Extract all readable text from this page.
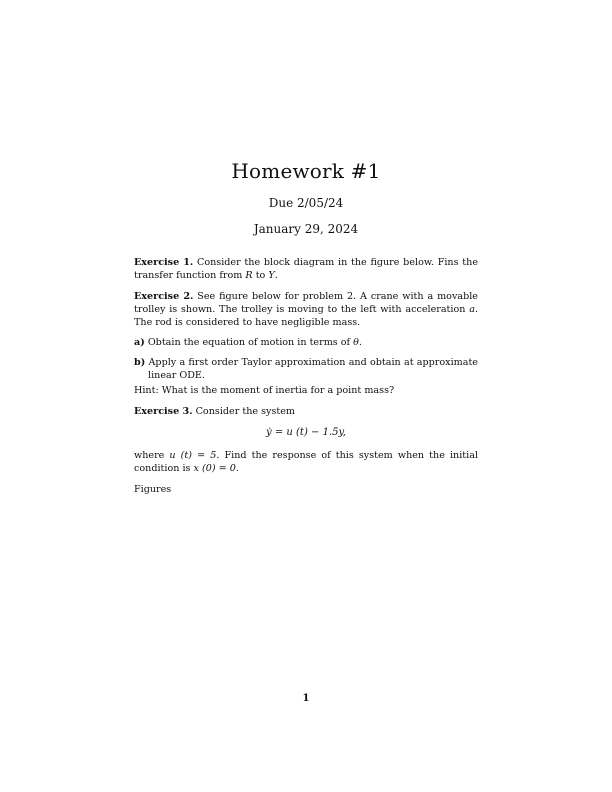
Homework #1
Due 2/05/24
January 29, 2024
Exercise 1. Consider the block diagram in the figure below. Fins the transfer function from R to Y.
Exercise 2. See figure below for problem 2. A crane with a movable trolley is shown. The trolley is moving to the left with acceleration a. The rod is considered to have negligible mass.
a) Obtain the equation of motion in terms of θ.
b) Apply a first order Taylor approximation and obtain at approximate linear ODE.
Hint: What is the moment of inertia for a point mass?
Exercise 3. Consider the system
ẏ = u (t) − 1.5y,
where u (t) = 5. Find the response of this system when the initial condition is x (0) = 0.
Figures
1
